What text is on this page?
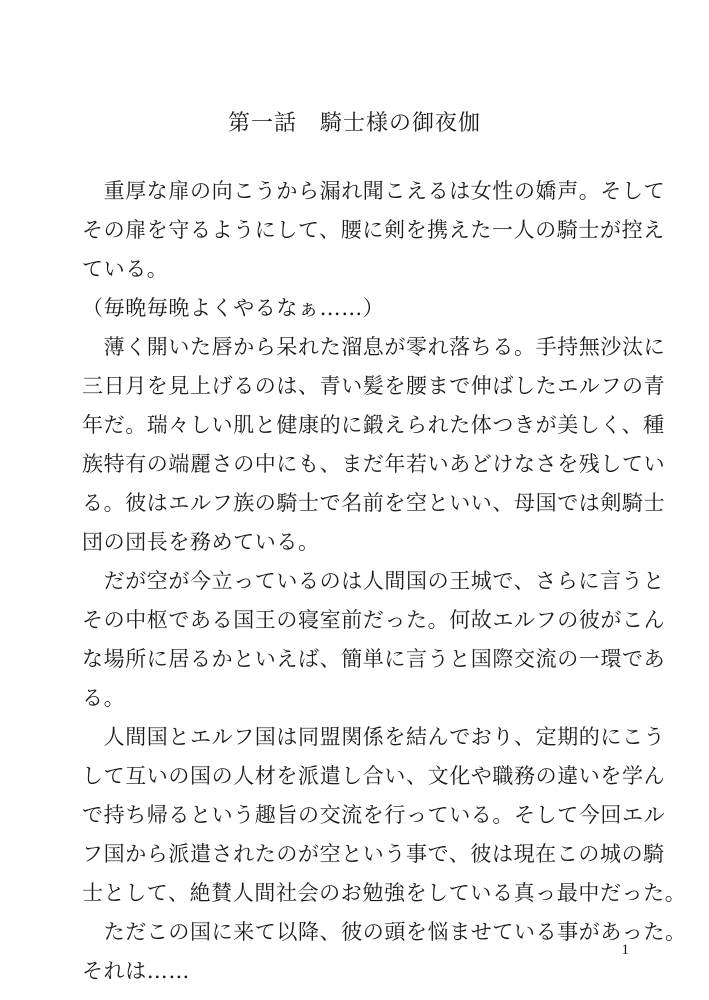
第一話　騎士様の御夜伽
　重厚な扉の向こうから漏れ聞こえるは女性の嬌声。そして
その扉を守るようにして、腰に剣を携えた一人の騎士が控え
ている。
（毎晩毎晩よくやるなぁ……）
　薄く開いた唇から呆れた溜息が零れ落ちる。手持無沙汰に
三日月を見上げるのは、青い髪を腰まで伸ばしたエルフの青
年だ。瑞々しい肌と健康的に鍛えられた体つきが美しく、種
族特有の端麗さの中にも、まだ年若いあどけなさを残してい
る。彼はエルフ族の騎士で名前を空といい、母国では剣騎士
団の団長を務めている。
　だが空が今立っているのは人間国の王城で、さらに言うと
その中枢である国王の寝室前だった。何故エルフの彼がこん
な場所に居るかといえば、簡単に言うと国際交流の一環であ
る。
　人間国とエルフ国は同盟関係を結んでおり、定期的にこう
して互いの国の人材を派遣し合い、文化や職務の違いを学ん
で持ち帰るという趣旨の交流を行っている。そして今回エル
フ国から派遣されたのが空という事で、彼は現在この城の騎
士として、絶賛人間社会のお勉強をしている真っ最中だった。
　ただこの国に来て以降、彼の頭を悩ませている事があった。
それは……
1
